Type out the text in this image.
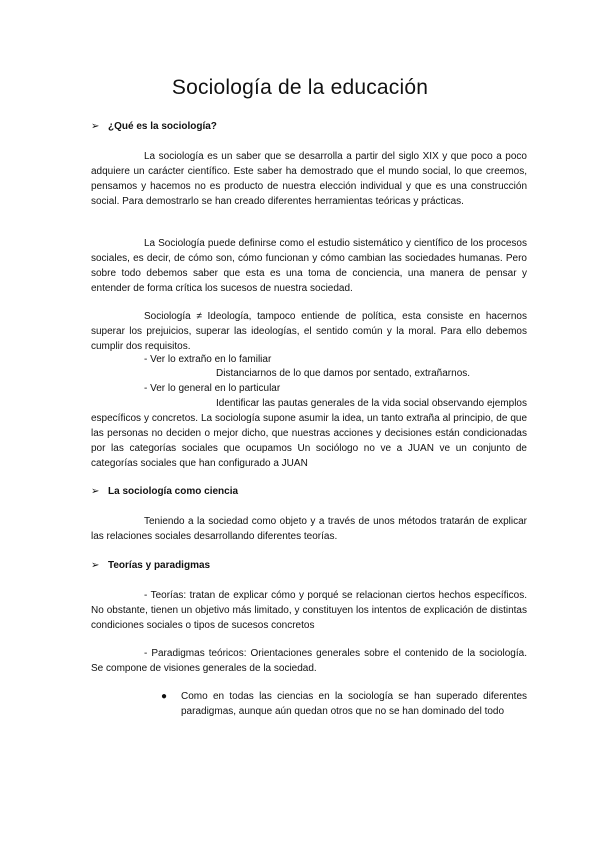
Sociología de la educación
➢ ¿Qué es la sociología?

La sociología es un saber que se desarrolla a partir del siglo XIX y que poco a poco adquiere un carácter científico. Este saber ha demostrado que el mundo social, lo que creemos, pensamos y hacemos no es producto de nuestra elección individual y que es una construcción social. Para demostrarlo se han creado diferentes herramientas teóricas y prácticas.

La Sociología puede definirse como el estudio sistemático y científico de los procesos sociales, es decir, de cómo son, cómo funcionan y cómo cambian las sociedades humanas. Pero sobre todo debemos saber que esta es una toma de conciencia, una manera de pensar y entender de forma crítica los sucesos de nuestra sociedad.

Sociología ≠ Ideología, tampoco entiende de política, esta consiste en hacernos superar los prejuicios, superar las ideologías, el sentido común y la moral. Para ello debemos cumplir dos requisitos.

- Ver lo extraño en lo familiar
Distanciarnos de lo que damos por sentado, extrañarnos.
- Ver lo general en lo particular

Identificar las pautas generales de la vida social observando ejemplos específicos y concretos. La sociología supone asumir la idea, un tanto extraña al principio, de que las personas no deciden o mejor dicho, que nuestras acciones y decisiones están condicionadas por las categorías sociales que ocupamos Un sociólogo no ve a JUAN ve un conjunto de categorías sociales que han configurado a JUAN

➢ La sociología como ciencia

Teniendo a la sociedad como objeto y a través de unos métodos tratarán de explicar las relaciones sociales desarrollando diferentes teorías.

➢ Teorías y paradigmas

- Teorías: tratan de explicar cómo y porqué se relacionan ciertos hechos específicos. No obstante, tienen un objetivo más limitado, y constituyen los intentos de explicación de distintas condiciones sociales o tipos de sucesos concretos

- Paradigmas teóricos: Orientaciones generales sobre el contenido de la sociología. Se compone de visiones generales de la sociedad.

● Como en todas las ciencias en la sociología se han superado diferentes paradigmas, aunque aún quedan otros que no se han dominado del todo
